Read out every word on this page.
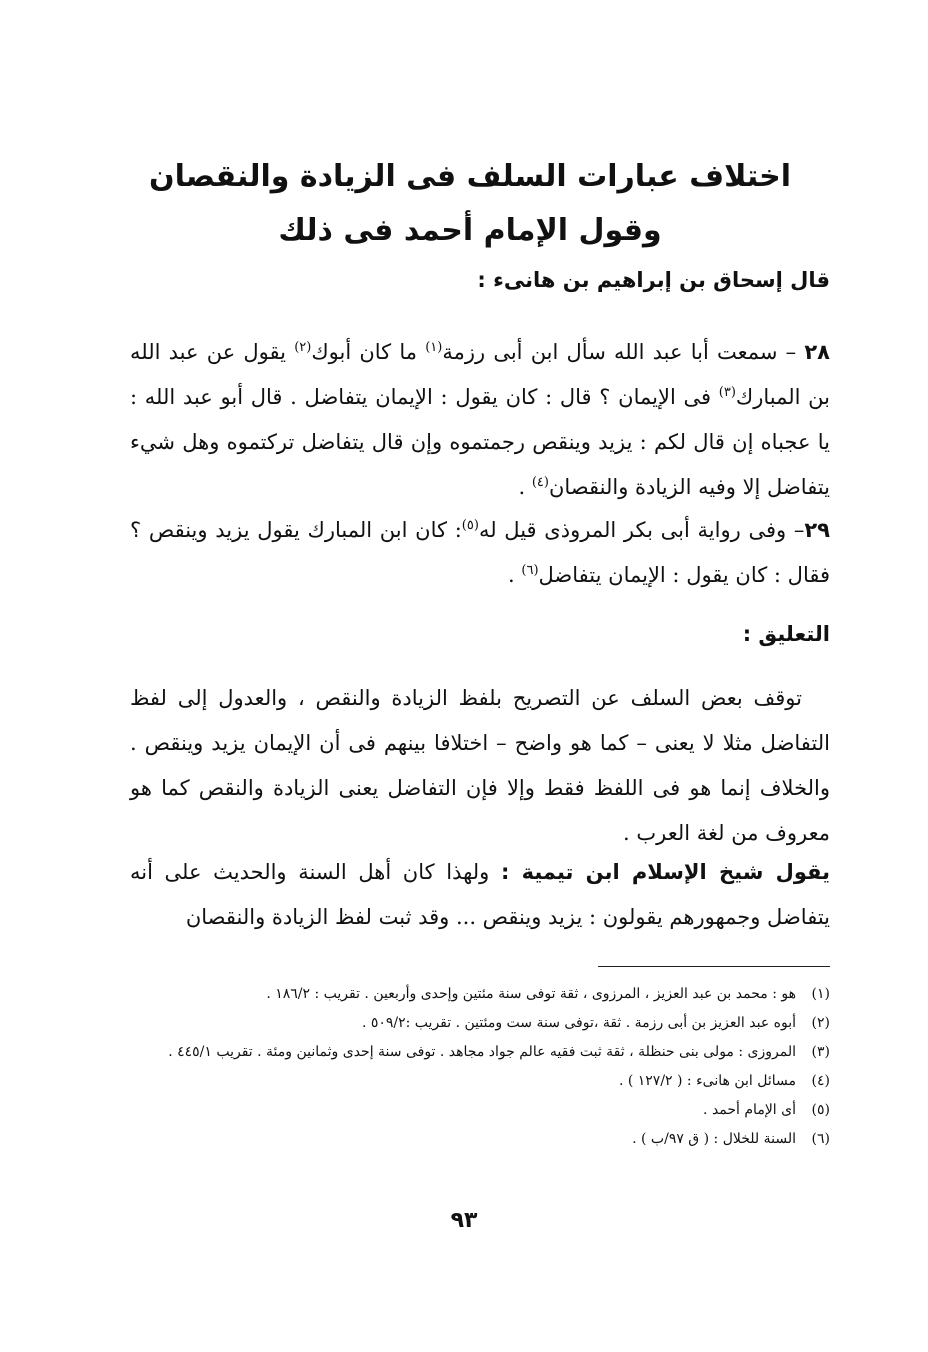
اختلاف عبارات السلف فى الزيادة والنقصان
وقول الإمام أحمد فى ذلك
قال إسحاق بن إبراهيم بن هانىء :

٢٨ – سمعت أبا عبد الله سأل ابن أبى رزمة$^{(١)}$ ما كان أبوك$^{(٢)}$ يقول عن عبد الله بن المبارك$^{(٣)}$ فى الإيمان ؟ قال : كان يقول : الإيمان يتفاضل . قال أبو عبد الله : يا عجباه إن قال لكم : يزيد وينقص رجمتموه وإن قال يتفاضل تركتموه وهل شيء يتفاضل إلا وفيه الزيادة والنقصان$^{(٤)}$ .

٢٩– وفى رواية أبى بكر المروذى قيل له$^{(٥)}$: كان ابن المبارك يقول يزيد وينقص ؟ فقال : كان يقول : الإيمان يتفاضل$^{(٦)}$ .

التعليق :

توقف بعض السلف عن التصريح بلفظ الزيادة والنقص ، والعدول إلى لفظ التفاضل مثلا لا يعنى – كما هو واضح – اختلافا بينهم فى أن الإيمان يزيد وينقص . والخلاف إنما هو فى اللفظ فقط وإلا فإن التفاضل يعنى الزيادة والنقص كما هو معروف من لغة العرب .

يقول شيخ الإسلام ابن تيمية : ولهذا كان أهل السنة والحديث على أنه يتفاضل وجمهورهم يقولون : يزيد وينقص ... وقد ثبت لفظ الزيادة والنقصان

(١)
هو : محمد بن عبد العزيز ، المرزوى ، ثقة توفى سنة مئتين وإحدى وأربعين . تقريب : ١٨٦/٢ .
(٢)
أبوه عبد العزيز بن أبى رزمة . ثقة ،توفى سنة ست ومئتين . تقريب :٥٠٩/٢ .
(٣)
المروزى : مولى بنى حنظلة ، ثقة ثبت فقيه عالم جواد مجاهد . توفى سنة إحدى وثمانين ومئة . تقريب ٤٤٥/١ .
(٤)
مسائل ابن هانىء : ( ١٢٧/٢ ) .
(٥)
أى الإمام أحمد .
(٦)
السنة للخلال : ( ق ٩٧/ب ) .
٩٣
